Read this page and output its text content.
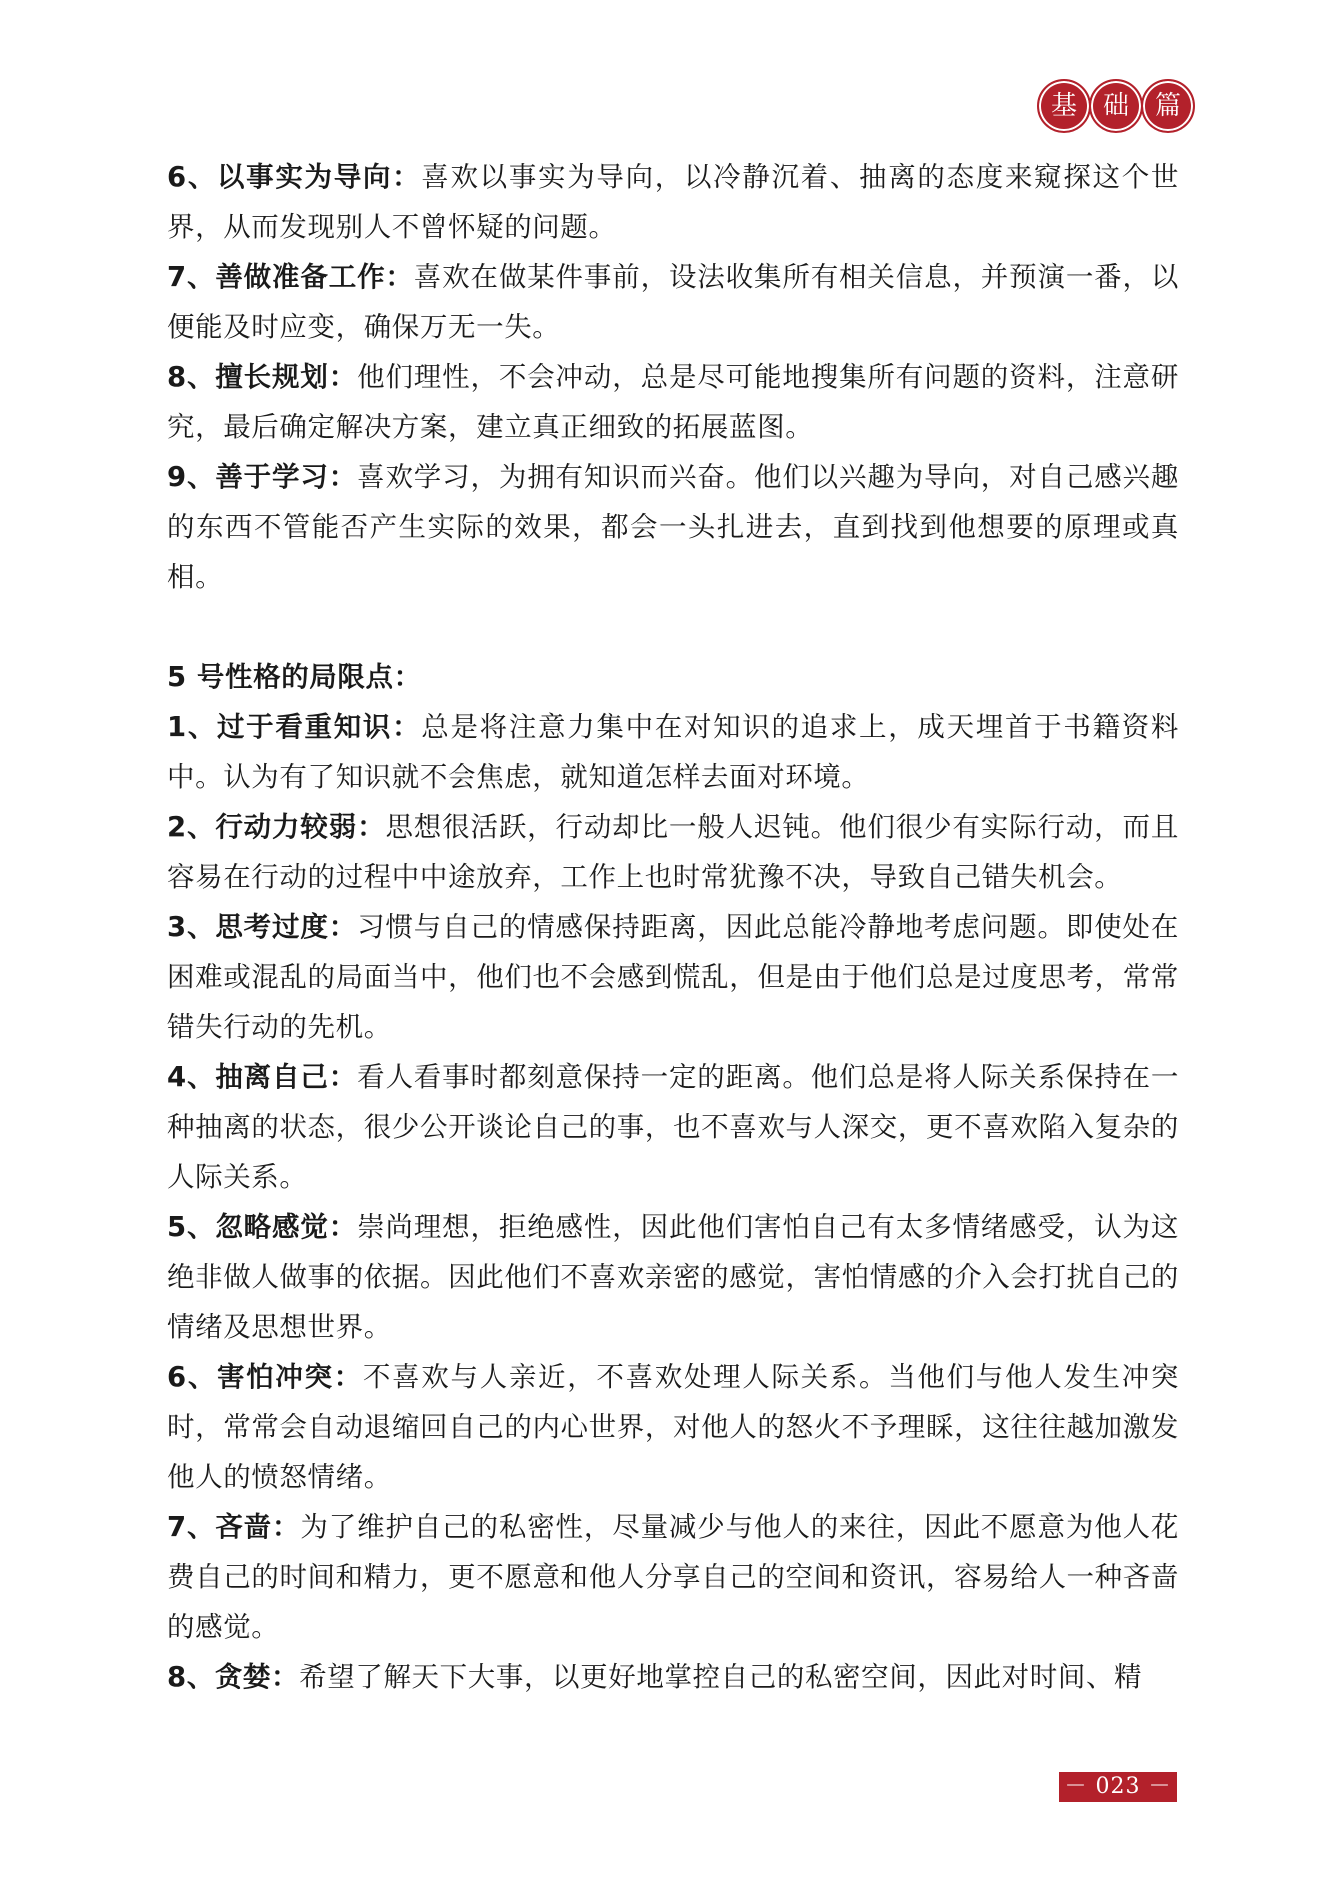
基 础 篇

6、以事实为导向：喜欢以事实为导向，以冷静沉着、抽离的态度来窥探这个世界，从而发现别人不曾怀疑的问题。

7、善做准备工作：喜欢在做某件事前，设法收集所有相关信息，并预演一番，以便能及时应变，确保万无一失。

8、擅长规划：他们理性，不会冲动，总是尽可能地搜集所有问题的资料，注意研究，最后确定解决方案，建立真正细致的拓展蓝图。

9、善于学习：喜欢学习，为拥有知识而兴奋。他们以兴趣为导向，对自己感兴趣的东西不管能否产生实际的效果，都会一头扎进去，直到找到他想要的原理或真相。

5 号性格的局限点：

1、过于看重知识：总是将注意力集中在对知识的追求上，成天埋首于书籍资料中。认为有了知识就不会焦虑，就知道怎样去面对环境。

2、行动力较弱：思想很活跃，行动却比一般人迟钝。他们很少有实际行动，而且容易在行动的过程中中途放弃，工作上也时常犹豫不决，导致自己错失机会。

3、思考过度：习惯与自己的情感保持距离，因此总能冷静地考虑问题。即使处在困难或混乱的局面当中，他们也不会感到慌乱，但是由于他们总是过度思考，常常错失行动的先机。

4、抽离自己：看人看事时都刻意保持一定的距离。他们总是将人际关系保持在一种抽离的状态，很少公开谈论自己的事，也不喜欢与人深交，更不喜欢陷入复杂的人际关系。

5、忽略感觉：崇尚理想，拒绝感性，因此他们害怕自己有太多情绪感受，认为这绝非做人做事的依据。因此他们不喜欢亲密的感觉，害怕情感的介入会打扰自己的情绪及思想世界。

6、害怕冲突：不喜欢与人亲近，不喜欢处理人际关系。当他们与他人发生冲突时，常常会自动退缩回自己的内心世界，对他人的怒火不予理睬，这往往越加激发他人的愤怒情绪。

7、吝啬：为了维护自己的私密性，尽量减少与他人的来往，因此不愿意为他人花费自己的时间和精力，更不愿意和他人分享自己的空间和资讯，容易给人一种吝啬的感觉。

8、贪婪：希望了解天下大事，以更好地掌控自己的私密空间，因此对时间、精

－ 023 －
